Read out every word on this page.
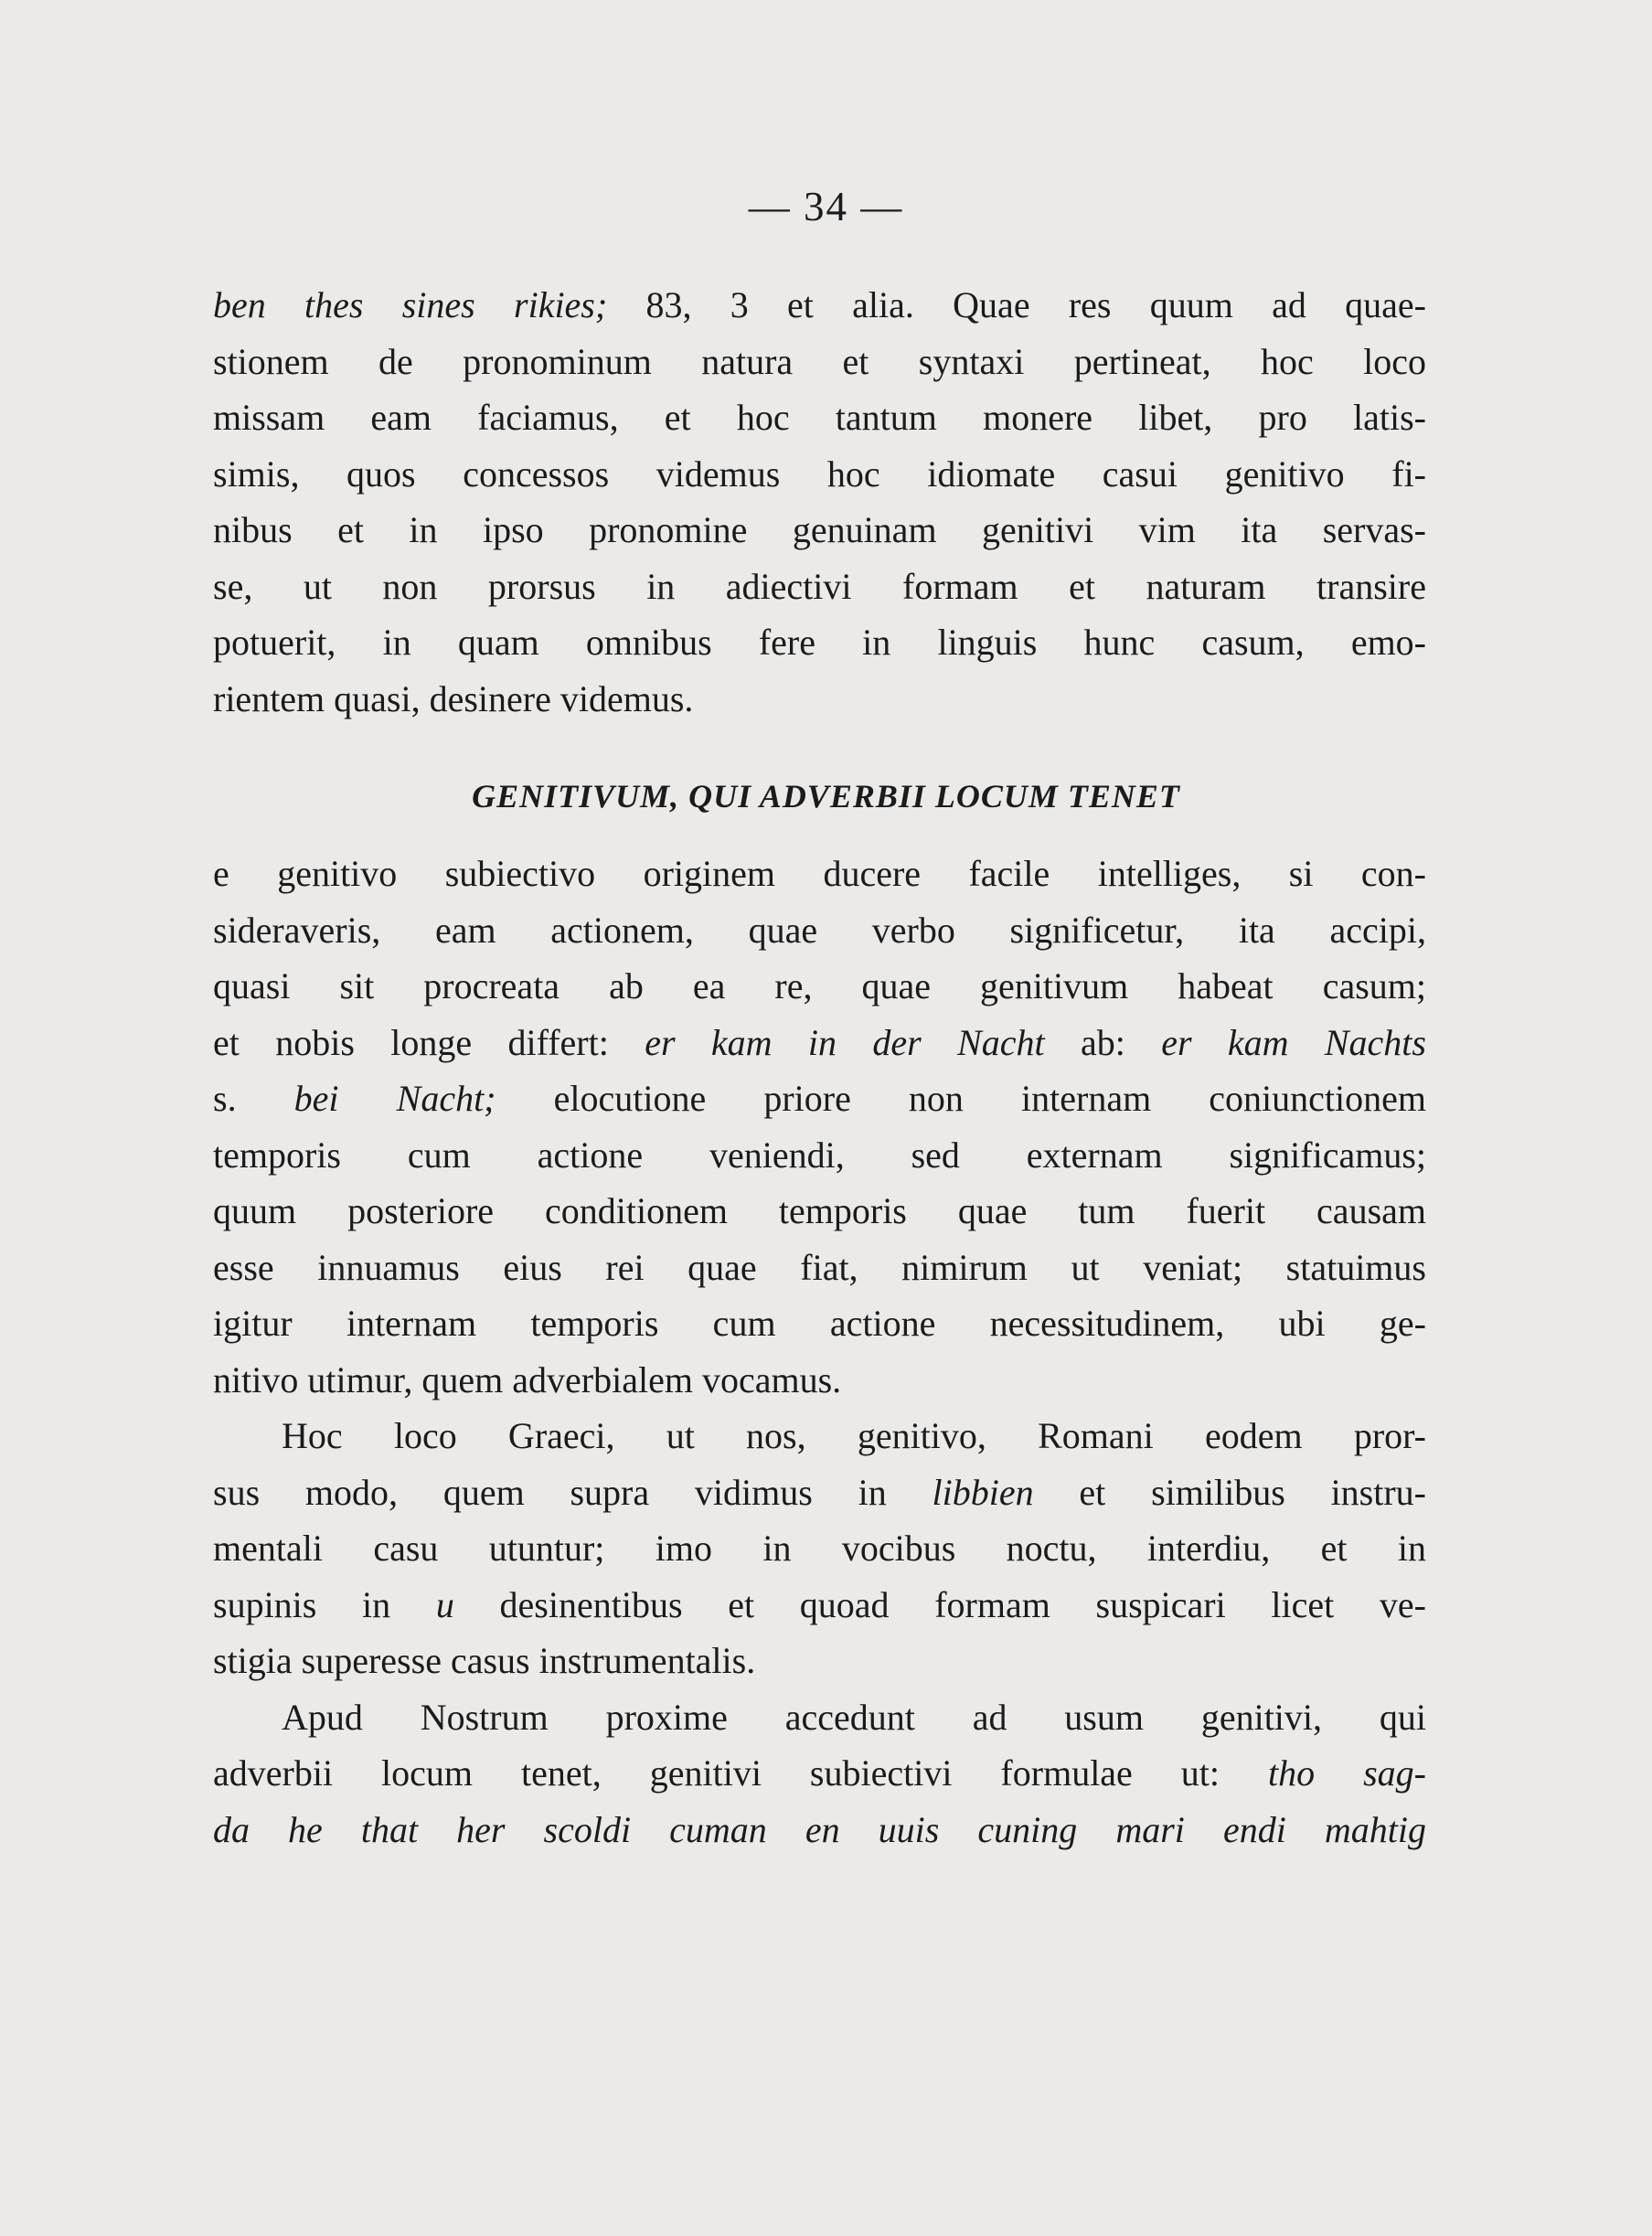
— 34 —
ben thes sines rikies; 83, 3 et alia. Quae res quum ad quae-
stionem de pronominum natura et syntaxi pertineat, hoc loco
missam eam faciamus, et hoc tantum monere libet, pro latis-
simis, quos concessos videmus hoc idiomate casui genitivo fi-
nibus et in ipso pronomine genuinam genitivi vim ita servas-
se, ut non prorsus in adiectivi formam et naturam transire
potuerit, in quam omnibus fere in linguis hunc casum, emo-
rientem quasi, desinere videmus.
GENITIVUM, QUI ADVERBII LOCUM TENET
e genitivo subiectivo originem ducere facile intelliges, si con-
sideraveris, eam actionem, quae verbo significetur, ita accipi,
quasi sit procreata ab ea re, quae genitivum habeat casum;
et nobis longe differt: er kam in der Nacht ab: er kam Nachts
s. bei Nacht; elocutione priore non internam coniunctionem
temporis cum actione veniendi, sed externam significamus;
quum posteriore conditionem temporis quae tum fuerit causam
esse innuamus eius rei quae fiat, nimirum ut veniat; statuimus
igitur internam temporis cum actione necessitudinem, ubi ge-
nitivo utimur, quem adverbialem vocamus.
Hoc loco Graeci, ut nos, genitivo, Romani eodem pror-
sus modo, quem supra vidimus in libbien et similibus instru-
mentali casu utuntur; imo in vocibus noctu, interdiu, et in
supinis in u desinentibus et quoad formam suspicari licet ve-
stigia superesse casus instrumentalis.
Apud Nostrum proxime accedunt ad usum genitivi, qui
adverbii locum tenet, genitivi subiectivi formulae ut: tho sag-
da he that her scoldi cuman en uuis cuning mari endi mahtig
